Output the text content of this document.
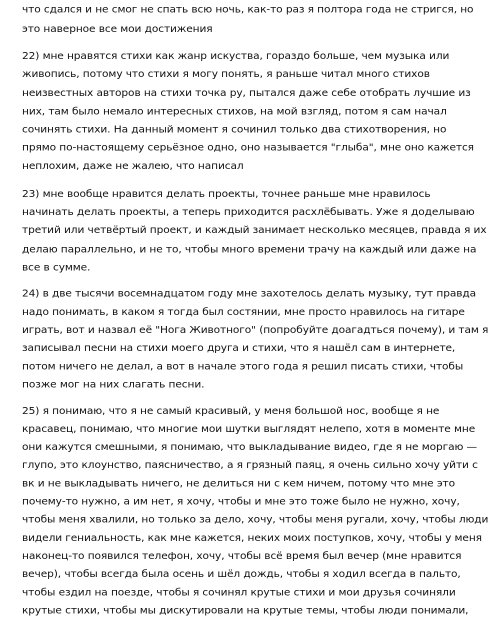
что сдался и не смог не спать всю ночь, как-то раз я полтора года не стригся, но

это наверное все мои достижения

22) мне нравятся стихи как жанр искуства, гораздо больше, чем музыка или

живопись, потому что стихи я могу понять, я раньше читал много стихов

неизвестных авторов на стихи точка ру, пытался даже себе отобрать лучшие из

них, там было немало интересных стихов, на мой взгляд, потом я сам начал

сочинять стихи. На данный момент я сочинил только два стихотворения, но

прямо по-настоящему серьёзное одно, оно называется "глыба", мне оно кажется

неплохим, даже не жалею, что написал

23) мне вообще нравится делать проекты, точнее раньше мне нравилось

начинать делать проекты, а теперь приходится расхлёбывать. Уже я доделываю

третий или четвёртый проект, и каждый занимает несколько месяцев, правда я их

делаю параллельно, и не то, чтобы много времени трачу на каждый или даже на

все в сумме.

24) в две тысячи восемнадцатом году мне захотелось делать музыку, тут правда

надо понимать, в каком я тогда был состянии, мне просто нравилось на гитаре

играть, вот и назвал её "Нога Животного" (попробуйте доагадться почему), и там я

записывал песни на стихи моего друга и стихи, что я нашёл сам в интернете,

потом ничего не делал, а вот в начале этого года я решил писать стихи, чтобы

позже мог на них слагать песни.

25) я понимаю, что я не самый красивый, у меня большой нос, вообще я не

красавец, понимаю, что многие мои шутки выглядят нелепо, хотя в моменте мне

они кажутся смешными, я понимаю, что выкладывание видео, где я не моргаю —

глупо, это клоунство, паясничество, а я грязный паяц, я очень сильно хочу уйти с

вк и не выкладывать ничего, не делиться ни с кем ничем, потому что мне это

почему-то нужно, а им нет, я хочу, чтобы и мне это тоже было не нужно, хочу,

чтобы меня хвалили, но только за дело, хочу, чтобы меня ругали, хочу, чтобы люди

видели гениальность, как мне кажется, неких моих поступков, хочу, чтобы у меня

наконец-то появился телефон, хочу, чтобы всё время был вечер (мне нравится

вечер), чтобы всегда была осень и шёл дождь, чтобы я ходил всегда в пальто,

чтобы ездил на поезде, чтобы я сочинял крутые стихи и мои друзья сочиняли

крутые стихи, чтобы мы дискутировали на крутые темы, чтобы люди понимали,
